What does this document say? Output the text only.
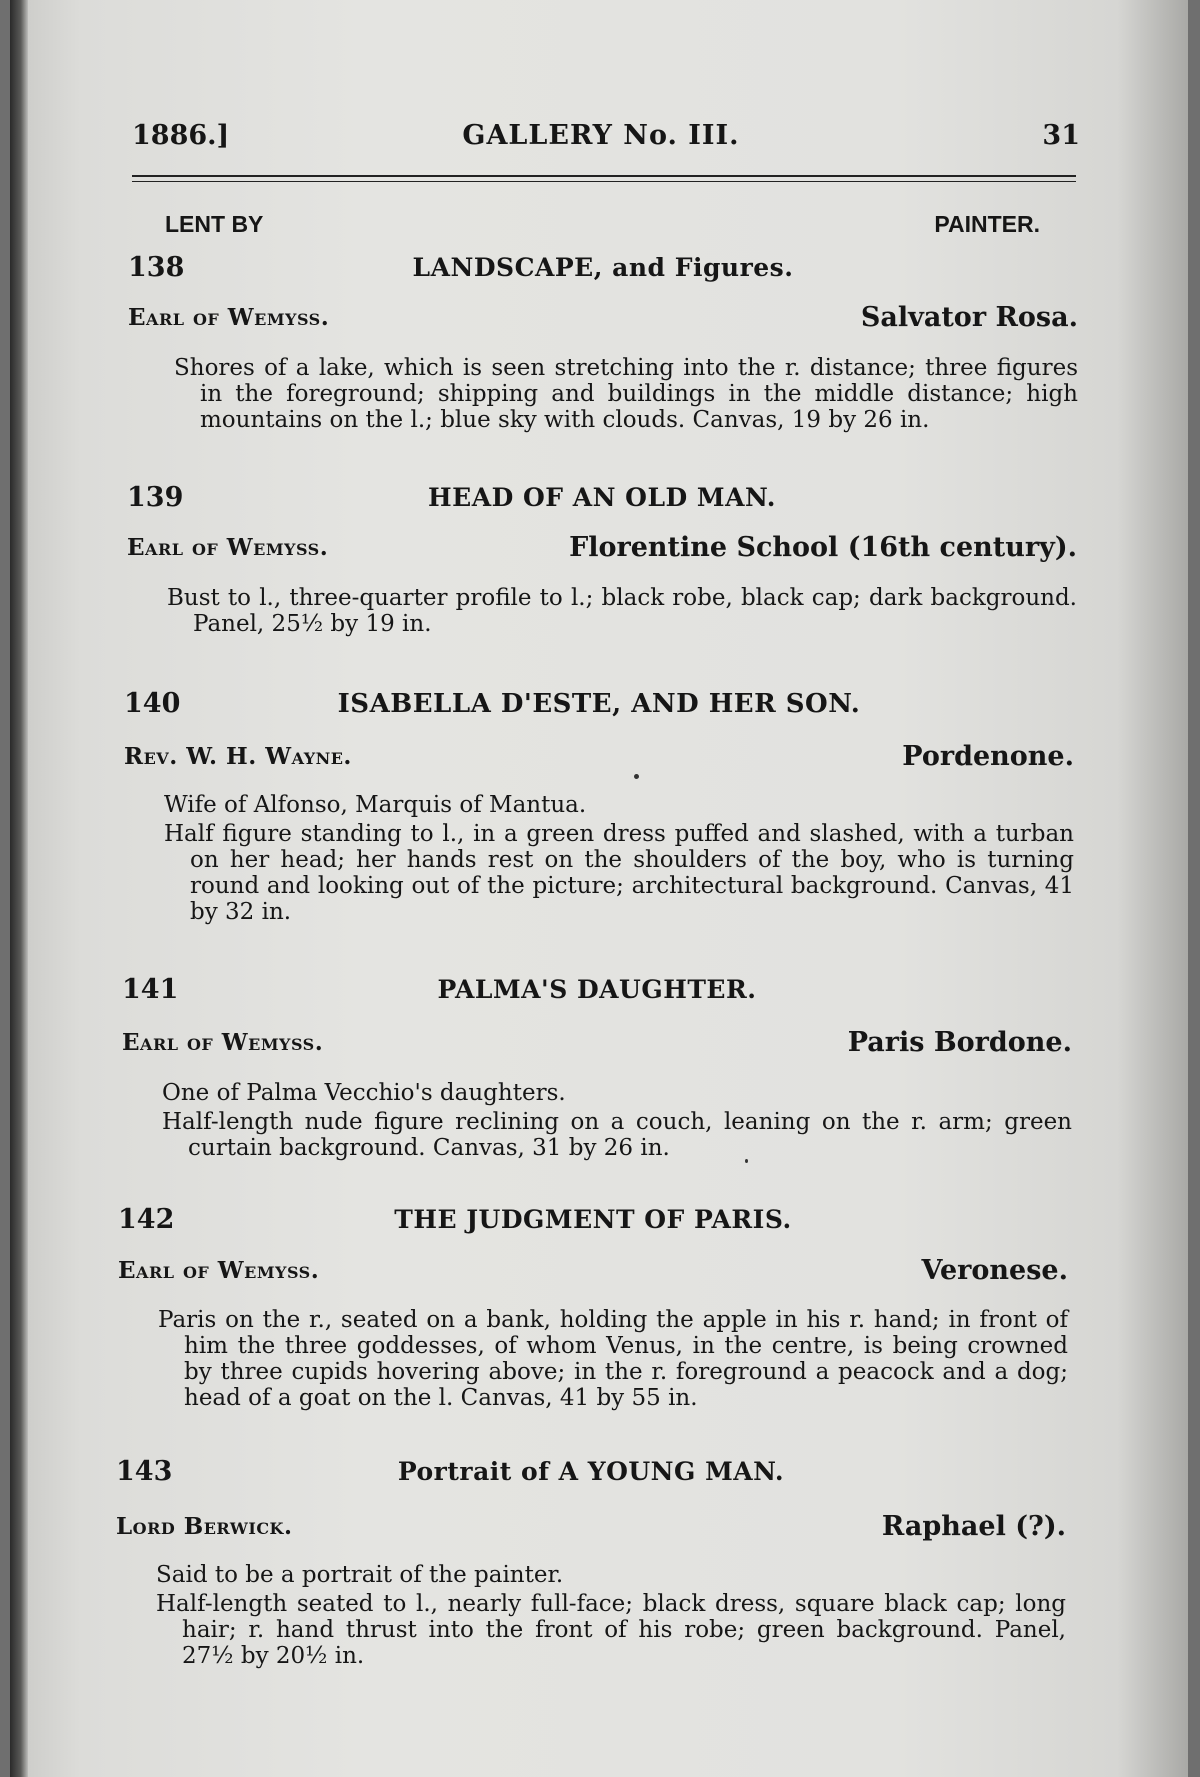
1886.]	GALLERY No. III.	31
LENT BY	PAINTER.
138	LANDSCAPE, and Figures.
Earl of Wemyss.	Salvator Rosa.

Shores of a lake, which is seen stretching into the r. distance; three figures in the foreground; shipping and buildings in the middle distance; high mountains on the l.; blue sky with clouds. Canvas, 19 by 26 in.

139	HEAD OF AN OLD MAN.
Earl of Wemyss.	Florentine School (16th century).

Bust to l., three-quarter profile to l.; black robe, black cap; dark background. Panel, 25½ by 19 in.

140	ISABELLA D'ESTE, AND HER SON.
Rev. W. H. Wayne.	Pordenone.

Wife of Alfonso, Marquis of Mantua.

Half figure standing to l., in a green dress puffed and slashed, with a turban on her head; her hands rest on the shoulders of the boy, who is turning round and looking out of the picture; architectural background. Canvas, 41 by 32 in.

141	PALMA'S DAUGHTER.
Earl of Wemyss.	Paris Bordone.

One of Palma Vecchio's daughters.

Half-length nude figure reclining on a couch, leaning on the r. arm; green curtain background. Canvas, 31 by 26 in.

142	THE JUDGMENT OF PARIS.
Earl of Wemyss.	Veronese.

Paris on the r., seated on a bank, holding the apple in his r. hand; in front of him the three goddesses, of whom Venus, in the centre, is being crowned by three cupids hovering above; in the r. foreground a peacock and a dog; head of a goat on the l. Canvas, 41 by 55 in.

143	Portrait of A YOUNG MAN.
Lord Berwick.	Raphael (?).

Said to be a portrait of the painter.

Half-length seated to l., nearly full-face; black dress, square black cap; long hair; r. hand thrust into the front of his robe; green background. Panel, 27½ by 20½ in.
